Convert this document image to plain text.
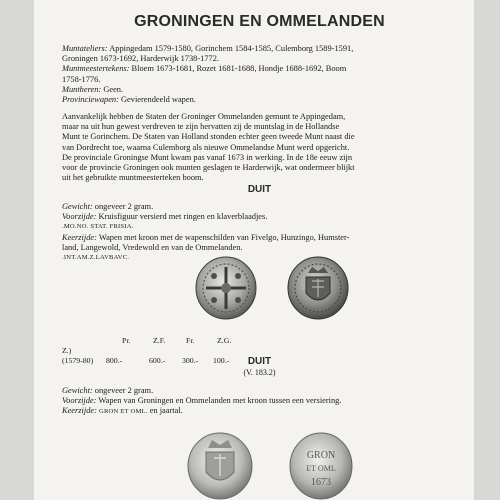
GRONINGEN EN OMMELANDEN

Muntateliers: Appingedam 1579-1580, Gorinchem 1584-1585, Culemborg 1589-1591,

Groningen 1673-1692, Harderwijk 1738-1772.

Muntmeestertekens: Bloem 1673-1681, Rozet 1681-1688, Hondje 1688-1692, Boom

1758-1776.

Muntheren: Geen.

Provinciewapen: Gevierendeeld wapen.

Aanvankelijk hebben de Staten der Groninger Ommelanden gemunt te Appingedam,

maar na uit hun gewest verdreven te zijn hervatten zij de muntslag in de Hollandse

Munt te Gorinchem. De Staten van Holland stonden echter geen tweede Munt naast die

van Dordrecht toe, waarna Culemborg als nieuwe Ommelandse Munt werd opgericht.

De provinciale Groningse Munt kwam pas vanaf 1673 in werking. In de 18e eeuw zijn

voor de provincie Groningen ook munten geslagen te Harderwijk, wat ondermeer blijkt

uit het gebruikte muntmeesterteken boom.

DUIT

Gewicht: ongeveer 2 gram.

Voorzijde: Kruisfiguur versierd met ringen en klaverblaadjes.

.MO.NO. STAT. FRISIA.

Keerzijde: Wapen met kroon met de wapenschilden van Fivelgo, Hunzingo, Humster-

land, Langewold, Vredewold en van de Ommelanden.

.INT.AM.Z.LAVBAVC.

Pr.	Z.F.	Fr.	Z.G.
Z.)
(1579-80) 800.-	600.- 300.- 100.-	DUIT
(V. 183.2)

Gewicht: ongeveer 2 gram.

Voorzijde: Wapen van Groningen en Ommelanden met kroon tussen een versiering.

Keerzijde: GRON ET OML. en jaartal.

GRON
ET OML
1673
